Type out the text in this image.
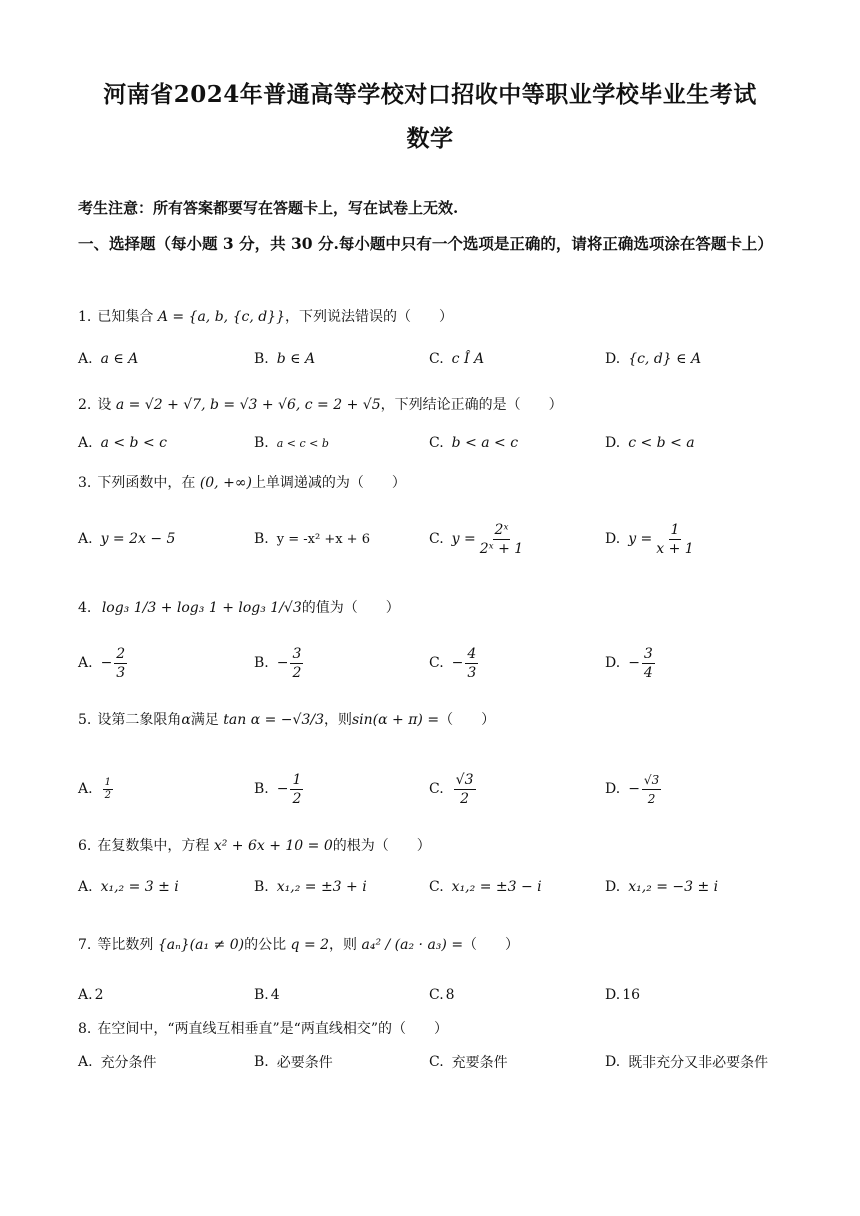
河南省2024年普通高等学校对口招收中等职业学校毕业生考试
数学
考生注意：所有答案都要写在答题卡上，写在试卷上无效.
一、选择题（每小题 3 分，共 30 分.每小题中只有一个选项是正确的，请将正确选项涂在答题卡上）
1. 已知集合 A = {a, b, {c, d}}，下列说法错误的（　　）
A. a ∈ A	B. b ∈ A	C. c Î A	D. {c, d} ∈ A
2. 设 a = √2 + √7, b = √3 + √6, c = 2 + √5，下列结论正确的是（　　）
A. a < b < c	B. a < c < b	C. b < a < c	D. c < b < a
3. 下列函数中，在 (0, +∞)上单调递减的为（　　）
A. y = 2x − 5	B. y = -x² +x + 6	C. $y = \frac{\text{2ˣ}}{\text{2ˣ + 1}}$	D. $y = \frac{1}{x + 1}$
4. log₃ 1/3 + log₃ 1 + log₃ 1/√3的值为（　　）
A. − $\frac{2}{3}$	B. − $\frac{3}{2}$	C. − $\frac{4}{3}$	D. − $\frac{3}{4}$
5. 设第二象限角α满足 tan α = −√3/3，则sin(α + π) =（　　）
A. $\frac{1}{2}$	B. − $\frac{1}{2}$	C. $\frac{√3}{2}$	D. − $\frac{√3}{2}$
6. 在复数集中，方程 x² + 6x + 10 = 0的根为（　　）
A. x₁,₂ = 3 ± i	B. x₁,₂ = ±3 + i	C. x₁,₂ = ±3 − i	D. x₁,₂ = −3 ± i
7. 等比数列 {aₙ}(a₁ ≠ 0)的公比 q = 2，则 a₄² / (a₂ · a₃) =（　　）
A. 2	B. 4	C. 8	D. 16
8. 在空间中，“两直线互相垂直”是“两直线相交”的（　　）
A. 充分条件	B. 必要条件	C. 充要条件	D. 既非充分又非必要条件
